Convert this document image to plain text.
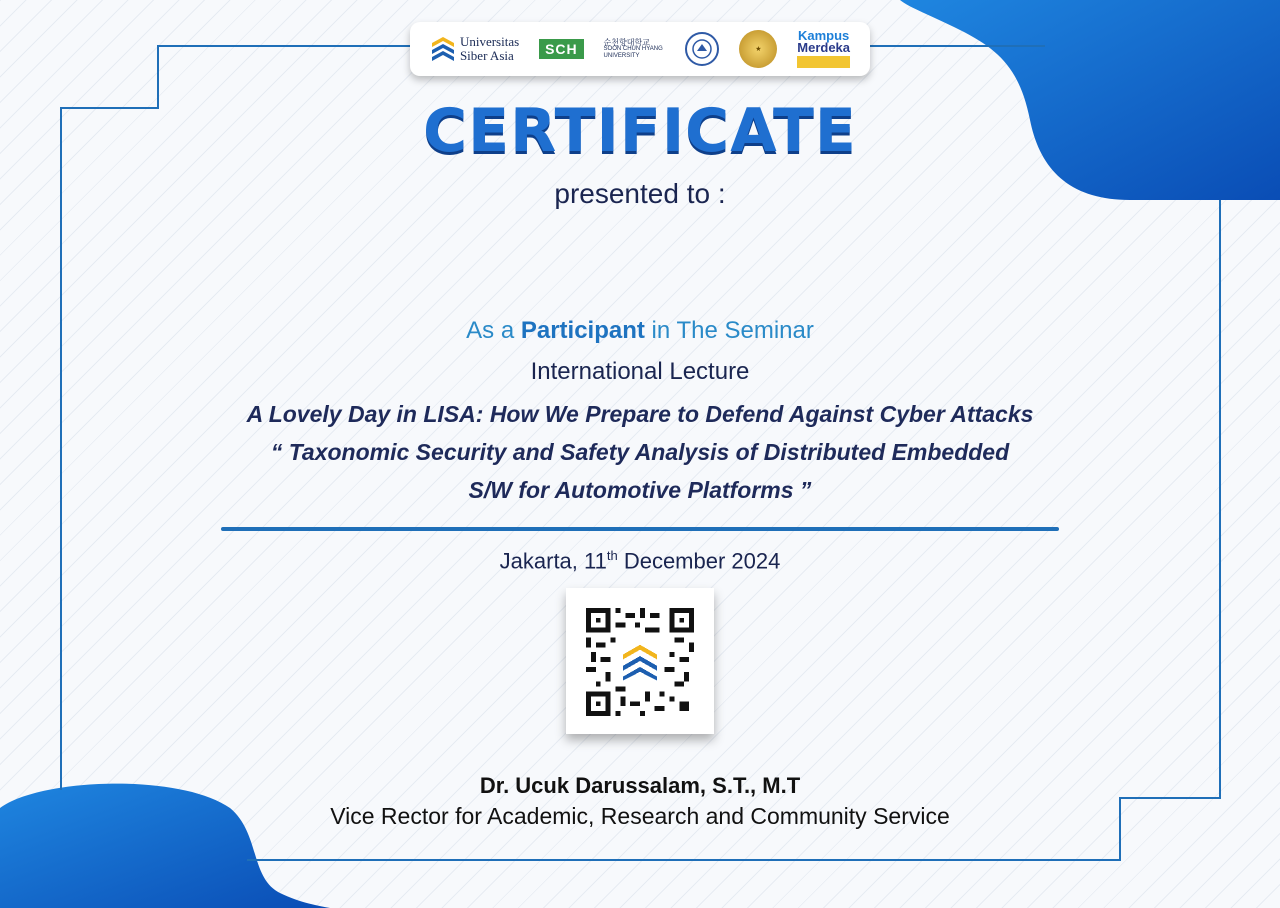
Universitas
Siber Asia	SCH	순천향대학교
SOON CHUN HYANG UNIVERSITY
★
Kampus
Merdeka

CERTIFICATE
presented to :
As a Participant in The Seminar
International Lecture
A Lovely Day in LISA: How We Prepare to Defend Against Cyber Attacks
“ Taxonomic Security and Safety Analysis of Distributed Embedded
S/W for Automotive Platforms ”
Jakarta, 11th December 2024
Dr. Ucuk Darussalam, S.T., M.T
Vice Rector for Academic, Research and Community Service
